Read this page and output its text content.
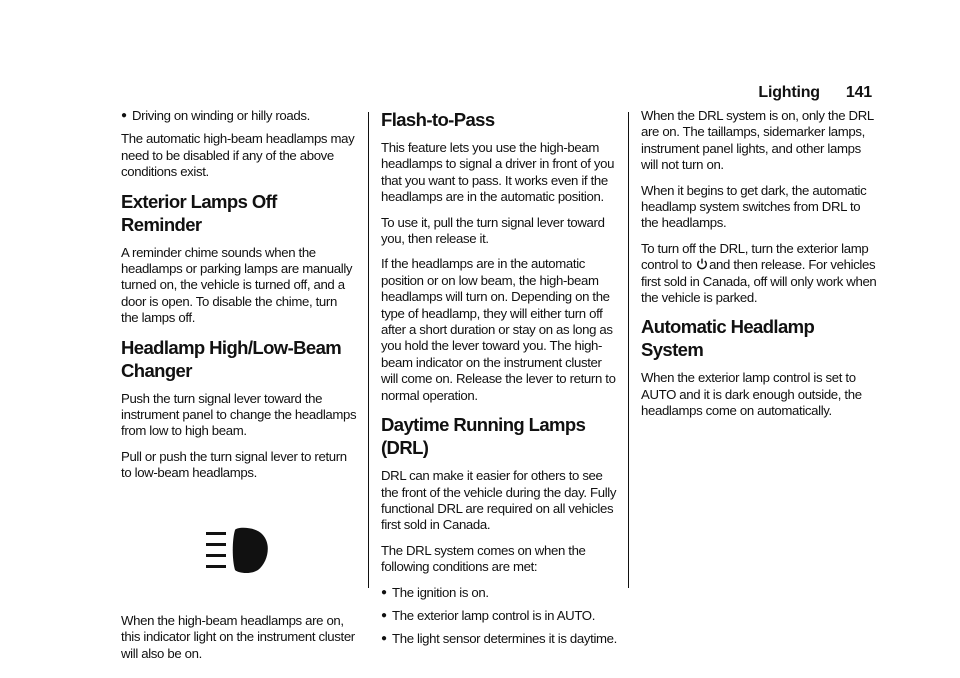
Lighting 141
● Driving on winding or hilly roads.

The automatic high-beam headlamps may need to be disabled if any of the above conditions exist.

Exterior Lamps Off Reminder

A reminder chime sounds when the headlamps or parking lamps are manually turned on, the vehicle is turned off, and a door is open. To disable the chime, turn the lamps off.

Headlamp High/Low-Beam Changer

Push the turn signal lever toward the instrument panel to change the headlamps from low to high beam.

Pull or push the turn signal lever to return to low-beam headlamps.

When the high-beam headlamps are on, this indicator light on the instrument cluster will also be on.

Flash-to-Pass

This feature lets you use the high-beam headlamps to signal a driver in front of you that you want to pass. It works even if the headlamps are in the automatic position.

To use it, pull the turn signal lever toward you, then release it.

If the headlamps are in the automatic position or on low beam, the high-beam headlamps will turn on. Depending on the type of headlamp, they will either turn off after a short duration or stay on as long as you hold the lever toward you. The high-beam indicator on the instrument cluster will come on. Release the lever to return to normal operation.

Daytime Running Lamps (DRL)

DRL can make it easier for others to see the front of the vehicle during the day. Fully functional DRL are required on all vehicles first sold in Canada.

The DRL system comes on when the following conditions are met:

● The ignition is on.
● The exterior lamp control is in AUTO.
● The light sensor determines it is daytime.

When the DRL system is on, only the DRL are on. The taillamps, sidemarker lamps, instrument panel lights, and other lamps will not turn on.

When it begins to get dark, the automatic headlamp system switches from DRL to the headlamps.

To turn off the DRL, turn the exterior lamp control to and then release. For vehicles first sold in Canada, off will only work when the vehicle is parked.

Automatic Headlamp System

When the exterior lamp control is set to AUTO and it is dark enough outside, the headlamps come on automatically.
